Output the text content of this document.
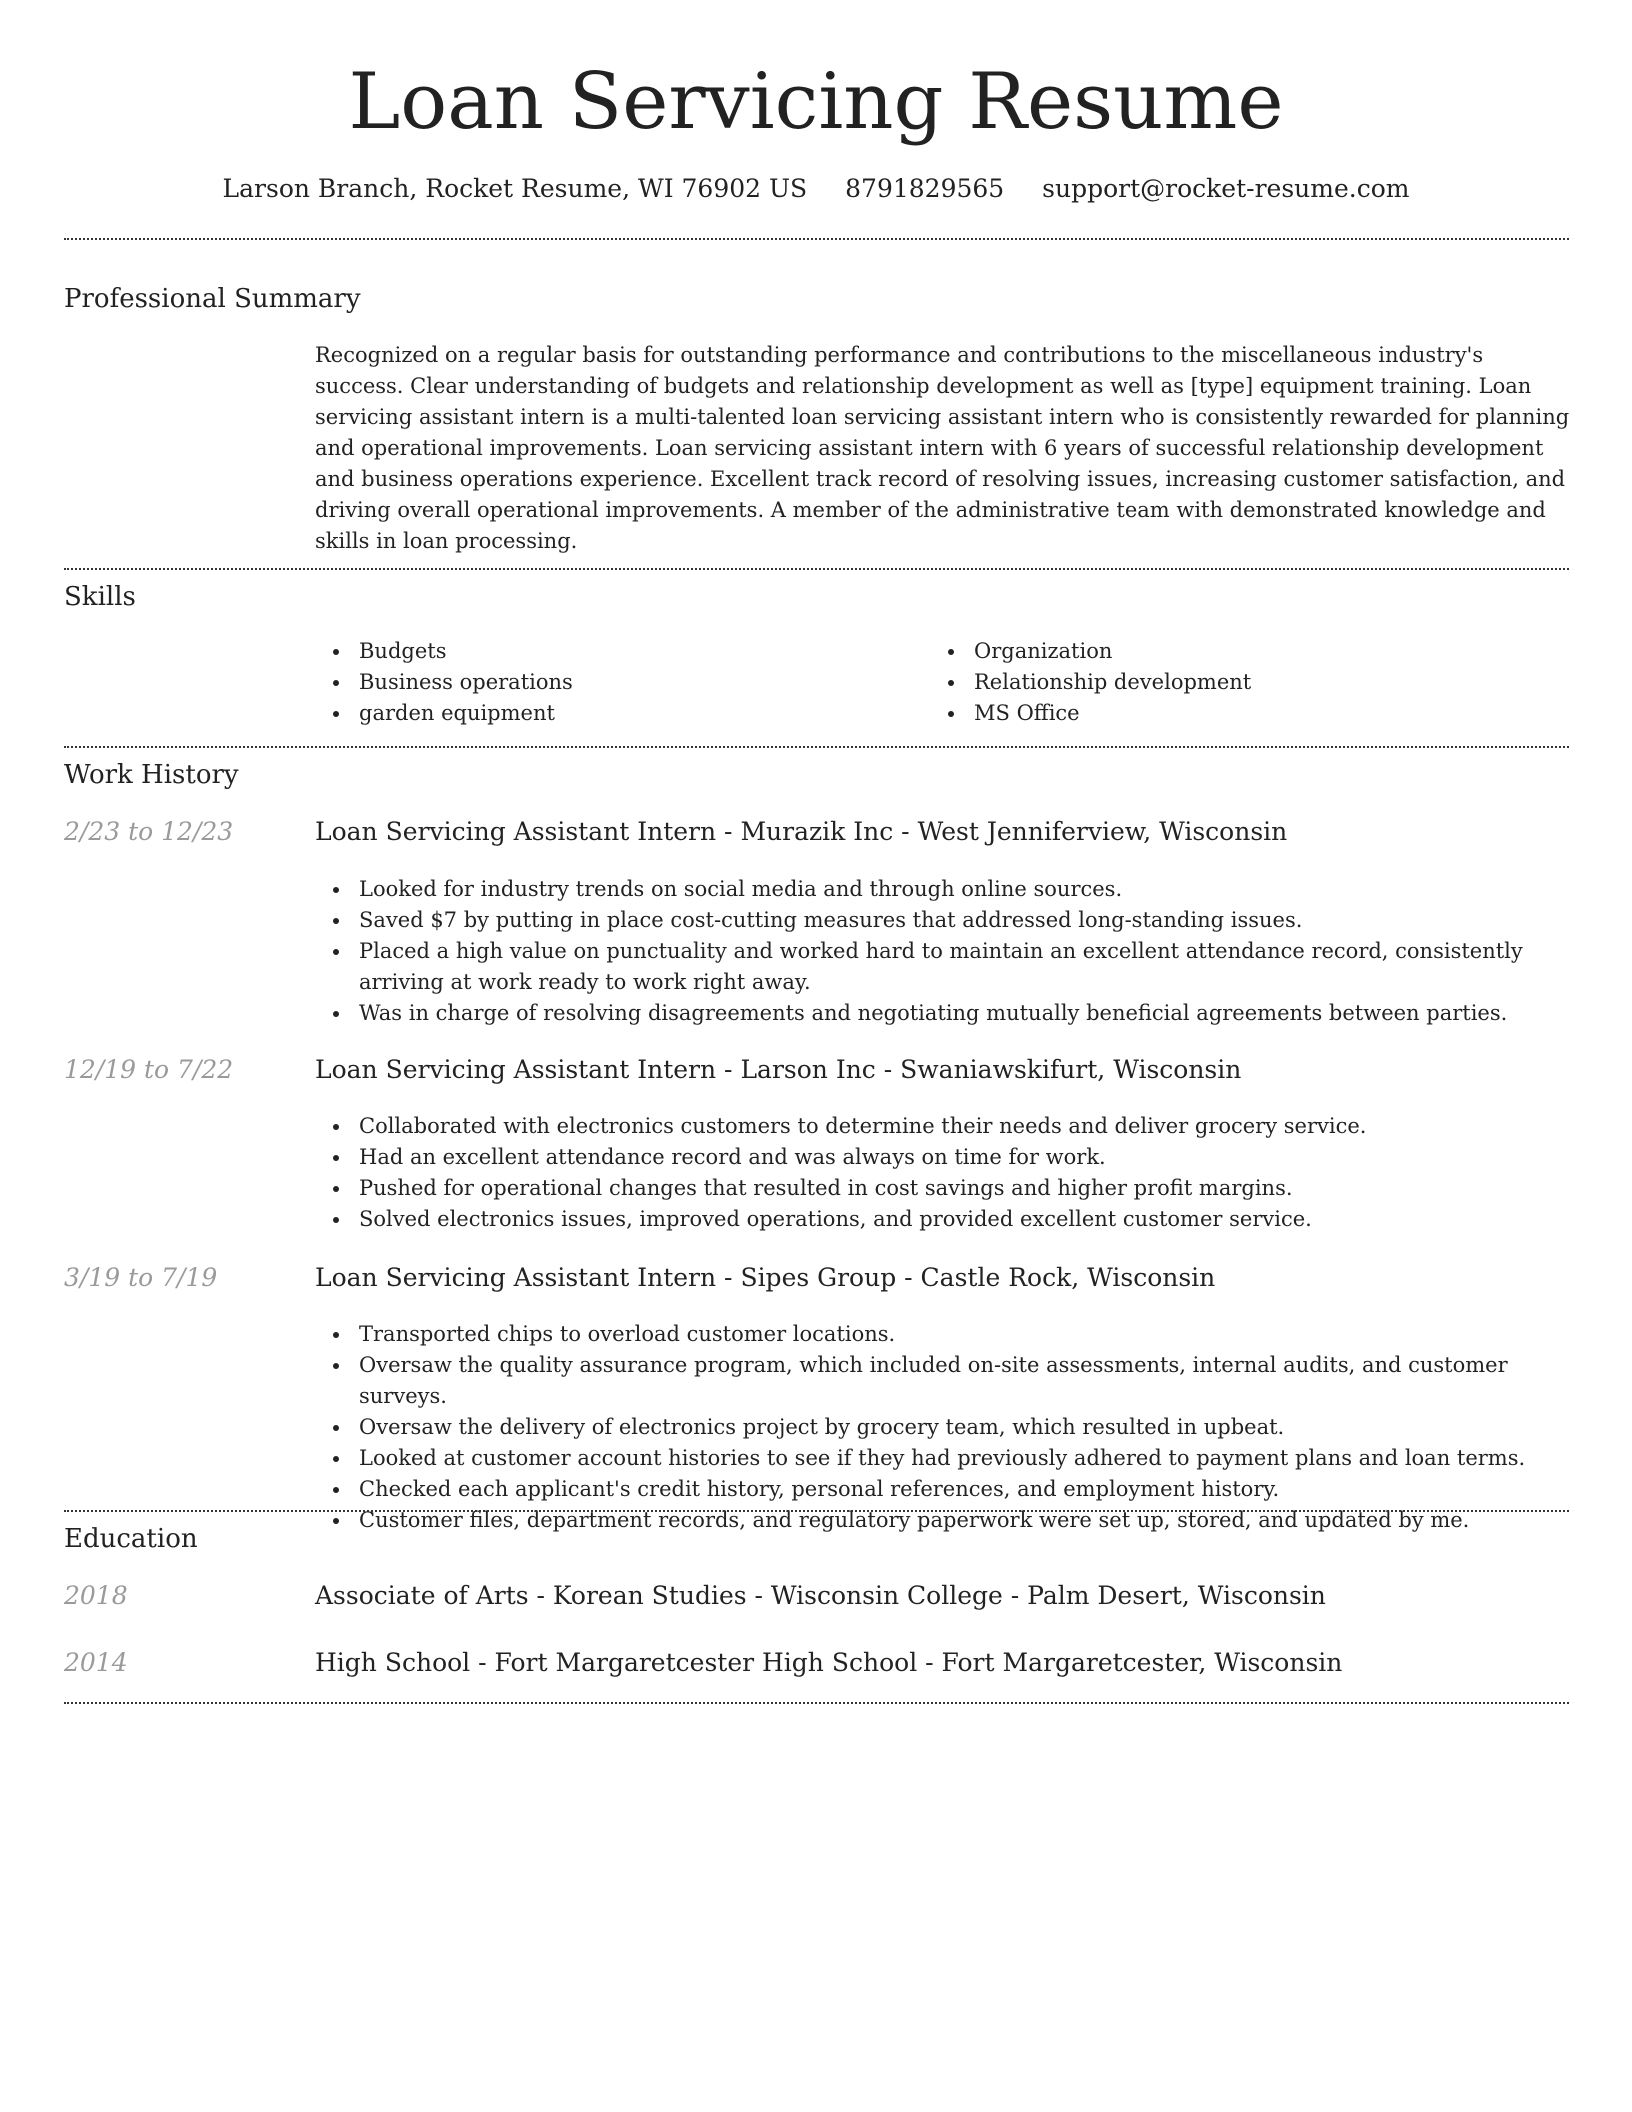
Loan Servicing Resume
Larson Branch, Rocket Resume, WI 76902 US 8791829565 support@rocket-resume.com
Professional Summary

Recognized on a regular basis for outstanding performance and contributions to the miscellaneous industry's success. Clear understanding of budgets and relationship development as well as [type] equipment training. Loan servicing assistant intern is a multi-talented loan servicing assistant intern who is consistently rewarded for planning and operational improvements. Loan servicing assistant intern with 6 years of successful relationship development and business operations experience. Excellent track record of resolving issues, increasing customer satisfaction, and driving overall operational improvements. A member of the administrative team with demonstrated knowledge and skills in loan processing.

Skills
Budgets
Business operations
garden equipment
Organization
Relationship development
MS Office
Work History
2/23 to 12/23	Loan Servicing Assistant Intern - Murazik Inc - West Jenniferview, Wisconsin
Looked for industry trends on social media and through online sources.
Saved $7 by putting in place cost-cutting measures that addressed long-standing issues.
Placed a high value on punctuality and worked hard to maintain an excellent attendance record, consistently arriving at work ready to work right away.
Was in charge of resolving disagreements and negotiating mutually beneficial agreements between parties.
12/19 to 7/22	Loan Servicing Assistant Intern - Larson Inc - Swaniawskifurt, Wisconsin
Collaborated with electronics customers to determine their needs and deliver grocery service.
Had an excellent attendance record and was always on time for work.
Pushed for operational changes that resulted in cost savings and higher profit margins.
Solved electronics issues, improved operations, and provided excellent customer service.
3/19 to 7/19	Loan Servicing Assistant Intern - Sipes Group - Castle Rock, Wisconsin
Transported chips to overload customer locations.
Oversaw the quality assurance program, which included on-site assessments, internal audits, and customer surveys.
Oversaw the delivery of electronics project by grocery team, which resulted in upbeat.
Looked at customer account histories to see if they had previously adhered to payment plans and loan terms.
Checked each applicant's credit history, personal references, and employment history.
Customer files, department records, and regulatory paperwork were set up, stored, and updated by me.
Education
2018	Associate of Arts - Korean Studies - Wisconsin College - Palm Desert, Wisconsin
2014	High School - Fort Margaretcester High School - Fort Margaretcester, Wisconsin
